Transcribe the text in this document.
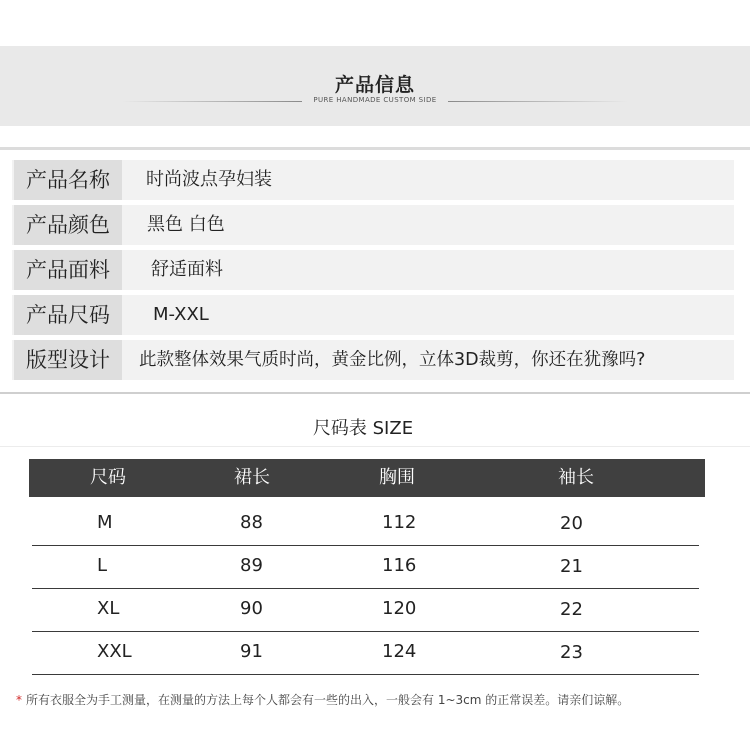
产品信息
PURE HANDMADE CUSTOM SIDE
产品名称	时尚波点孕妇装
产品颜色	黑色 白色
产品面料	舒适面料
产品尺码	M-XXL
版型设计	此款整体效果气质时尚，黄金比例，立体3D裁剪，你还在犹豫吗?
尺码表 SIZE
尺码	裙长	胸围	袖长
M	88	112	20
L	89	116	21
XL	90	120	22
XXL	91	124	23
* 所有衣服全为手工测量，在测量的方法上每个人都会有一些的出入，一般会有 1~3cm 的正常误差。请亲们谅解。
